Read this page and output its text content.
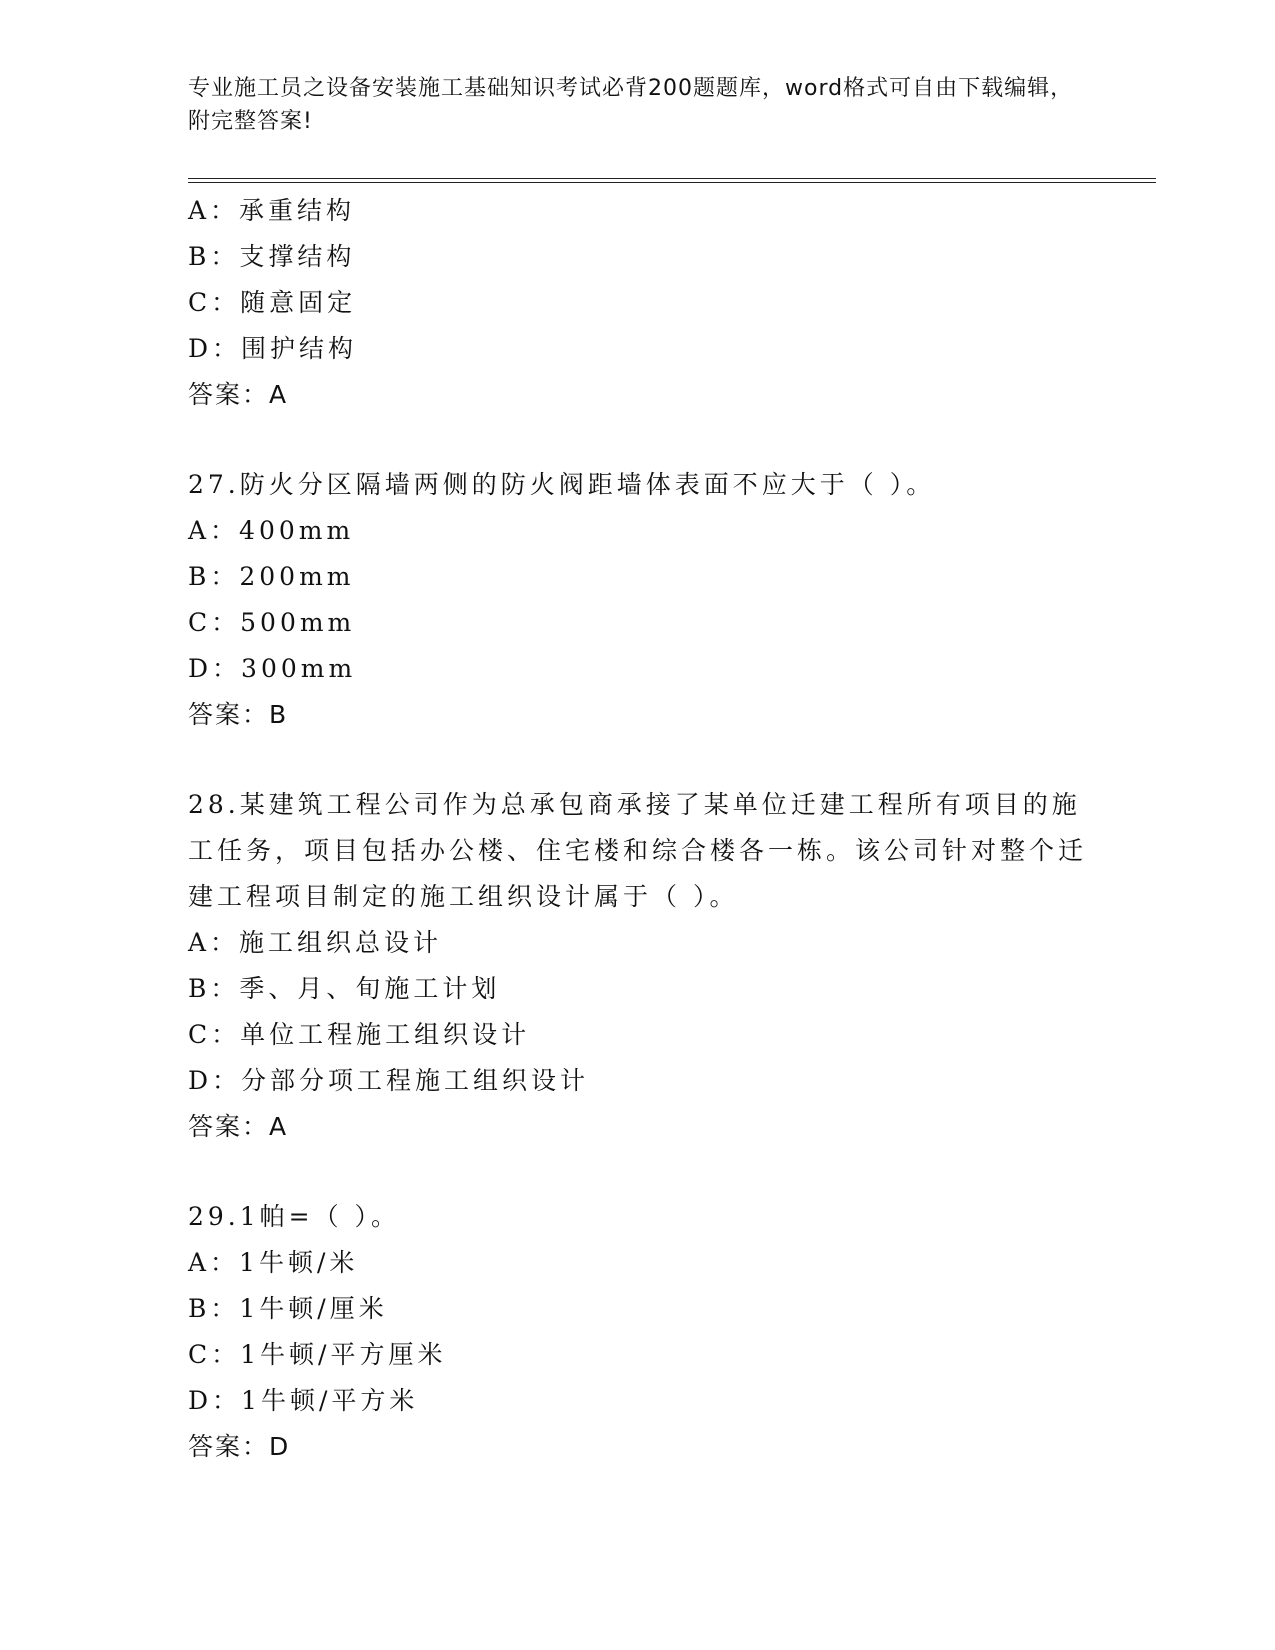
专业施工员之设备安装施工基础知识考试必背200题题库，word格式可自由下载编辑，附完整答案!
A：承重结构
B：支撑结构
C：随意固定
D：围护结构
答案：A
27.防火分区隔墙两侧的防火阀距墙体表面不应大于（ ）。
A：400mm
B：200mm
C：500mm
D：300mm
答案：B
28.某建筑工程公司作为总承包商承接了某单位迁建工程所有项目的施工任务，项目包括办公楼、住宅楼和综合楼各一栋。该公司针对整个迁建工程项目制定的施工组织设计属于（ ）。
A：施工组织总设计
B：季、月、旬施工计划
C：单位工程施工组织设计
D：分部分项工程施工组织设计
答案：A
29.1帕=（ ）。
A：1牛顿/米
B：1牛顿/厘米
C：1牛顿/平方厘米
D：1牛顿/平方米
答案：D
